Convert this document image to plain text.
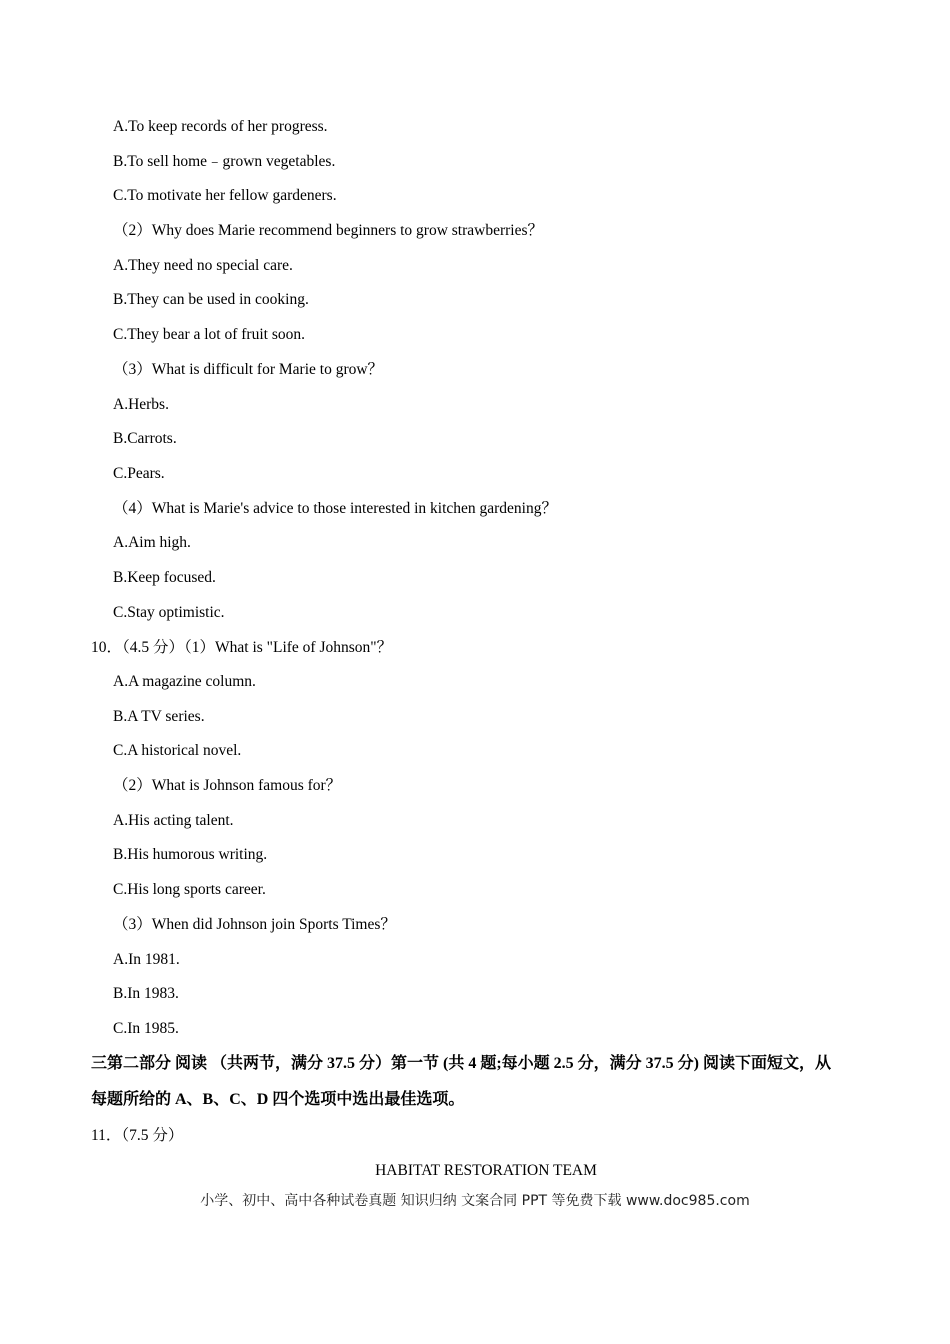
A.To keep records of her progress.
B.To sell home﹣grown vegetables.
C.To motivate her fellow gardeners.
（2）Why does Marie recommend beginners to grow strawberries？
A.They need no special care.
B.They can be used in cooking.
C.They bear a lot of fruit soon.
（3）What is difficult for Marie to grow？
A.Herbs.
B.Carrots.
C.Pears.
（4）What is Marie's advice to those interested in kitchen gardening？
A.Aim high.
B.Keep focused.
C.Stay optimistic.
10．（4.5 分）（1）What is "Life of Johnson"？
A.A magazine column.
B.A TV series.
C.A historical novel.
（2）What is Johnson famous for？
A.His acting talent.
B.His humorous writing.
C.His long sports career.
（3）When did Johnson join Sports Times？
A.In 1981.
B.In 1983.
C.In 1985.
三第二部分 阅读 （共两节，满分 37.5 分）第一节 (共 4 题;每小题 2.5 分，满分 37.5 分) 阅读下面短文，从
每题所给的 A、B、C、D 四个选项中选出最佳选项。
11．（7.5 分）
HABITAT RESTORATION TEAM
小学、初中、高中各种试卷真题 知识归纳 文案合同 PPT 等免费下载 www.doc985.com
